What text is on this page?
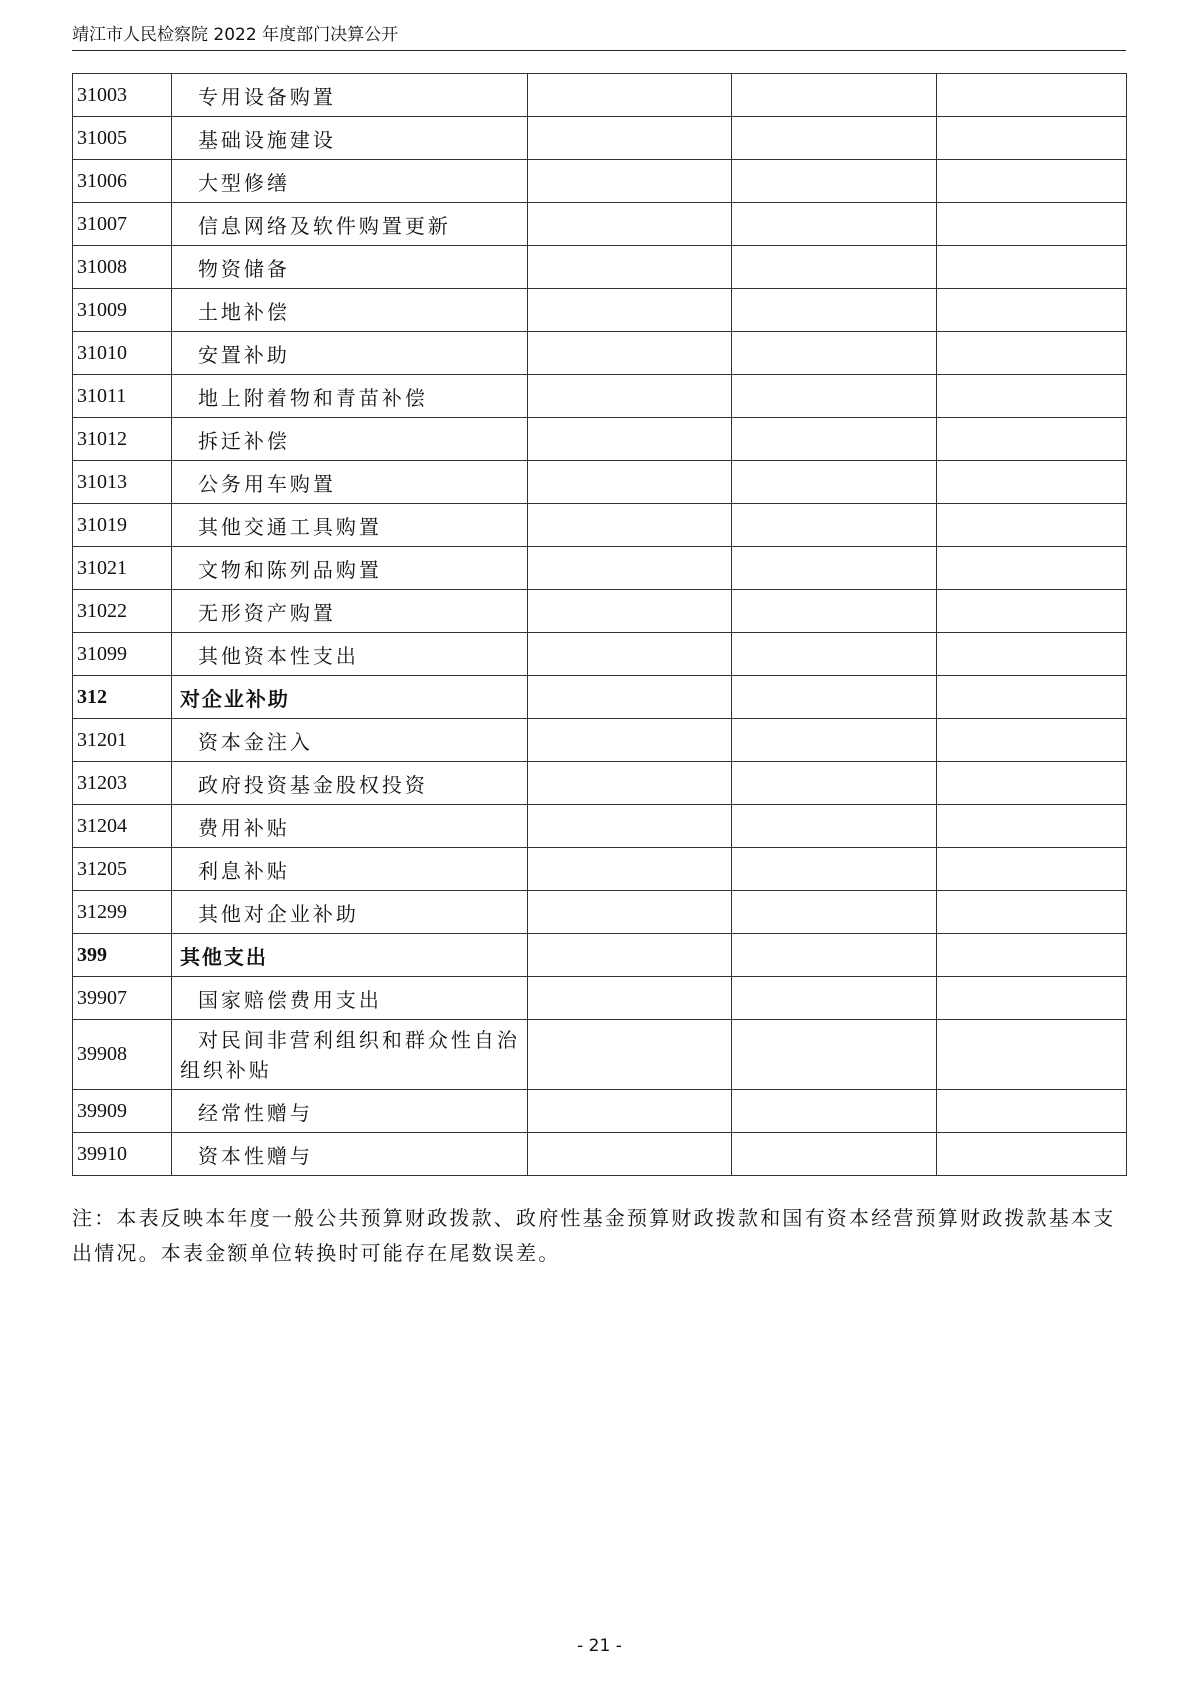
靖江市人民检察院 2022 年度部门决算公开
31003	专用设备购置			
31005	基础设施建设			
31006	大型修缮			
31007	信息网络及软件购置更新			
31008	物资储备			
31009	土地补偿			
31010	安置补助			
31011	地上附着物和青苗补偿			
31012	拆迁补偿			
31013	公务用车购置			
31019	其他交通工具购置			
31021	文物和陈列品购置			
31022	无形资产购置			
31099	其他资本性支出			
312	对企业补助			
31201	资本金注入			
31203	政府投资基金股权投资			
31204	费用补贴			
31205	利息补贴			
31299	其他对企业补助			
399	其他支出			
39907	国家赔偿费用支出			
39908	对民间非营利组织和群众性自治
组织补贴			

39909	经常性赠与			
39910	资本性赠与			
注：本表反映本年度一般公共预算财政拨款、政府性基金预算财政拨款和国有资本经营预算财政拨款基本支出情况。本表金额单位转换时可能存在尾数误差。
- 21 -
